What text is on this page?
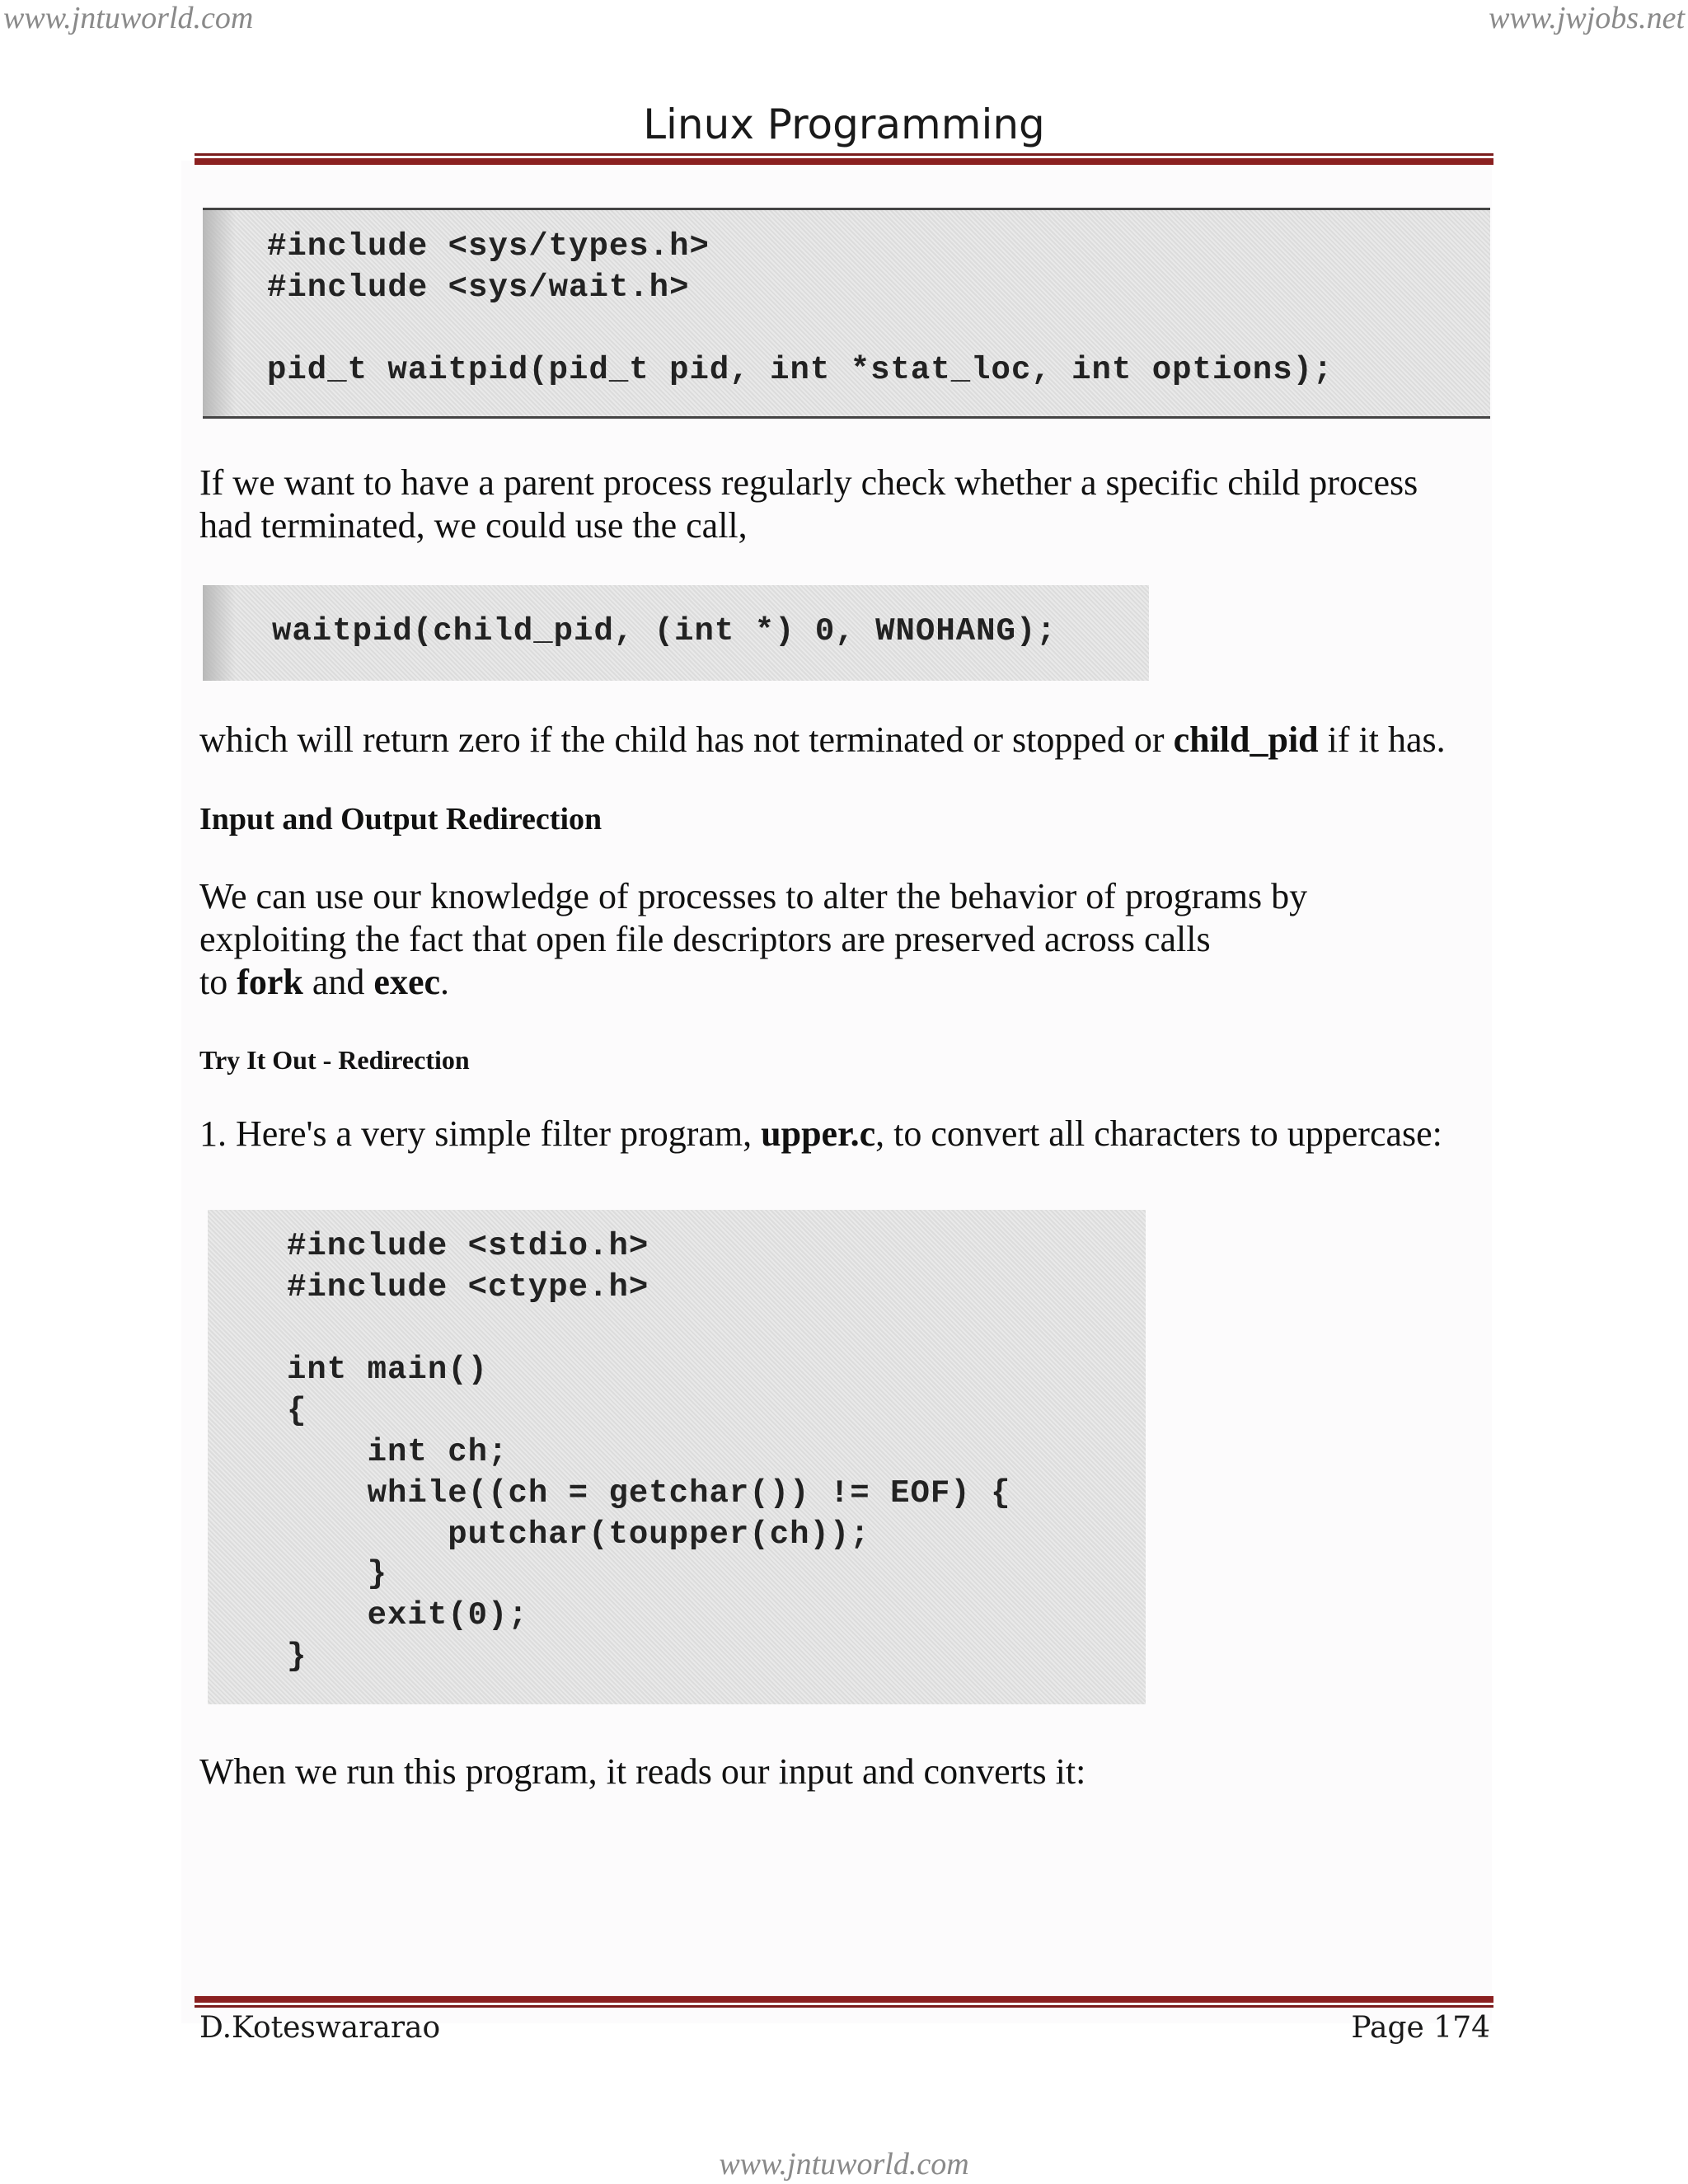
www.jntuworld.com	www.jwjobs.net
Linux Programming

#include <sys/types.h>

#include <sys/wait.h>

pid_t waitpid(pid_t pid, int *stat_loc, int options);

If we want to have a parent process regularly check whether a specific child process
had terminated, we could use the call,

waitpid(child_pid, (int *) 0, WNOHANG);

which will return zero if the child has not terminated or stopped or child_pid if it has.
Input and Output Redirection
We can use our knowledge of processes to alter the behavior of programs by
exploiting the fact that open file descriptors are preserved across calls
to fork and exec.
Try It Out - Redirection
1. Here's a very simple filter program, upper.c, to convert all characters to uppercase:

#include <stdio.h>

#include <ctype.h>

int main()

{

int ch;

while((ch = getchar()) != EOF) {

putchar(toupper(ch));

}

exit(0);

}

When we run this program, it reads our input and converts it:
D.Koteswararao	Page 174
www.jntuworld.com
